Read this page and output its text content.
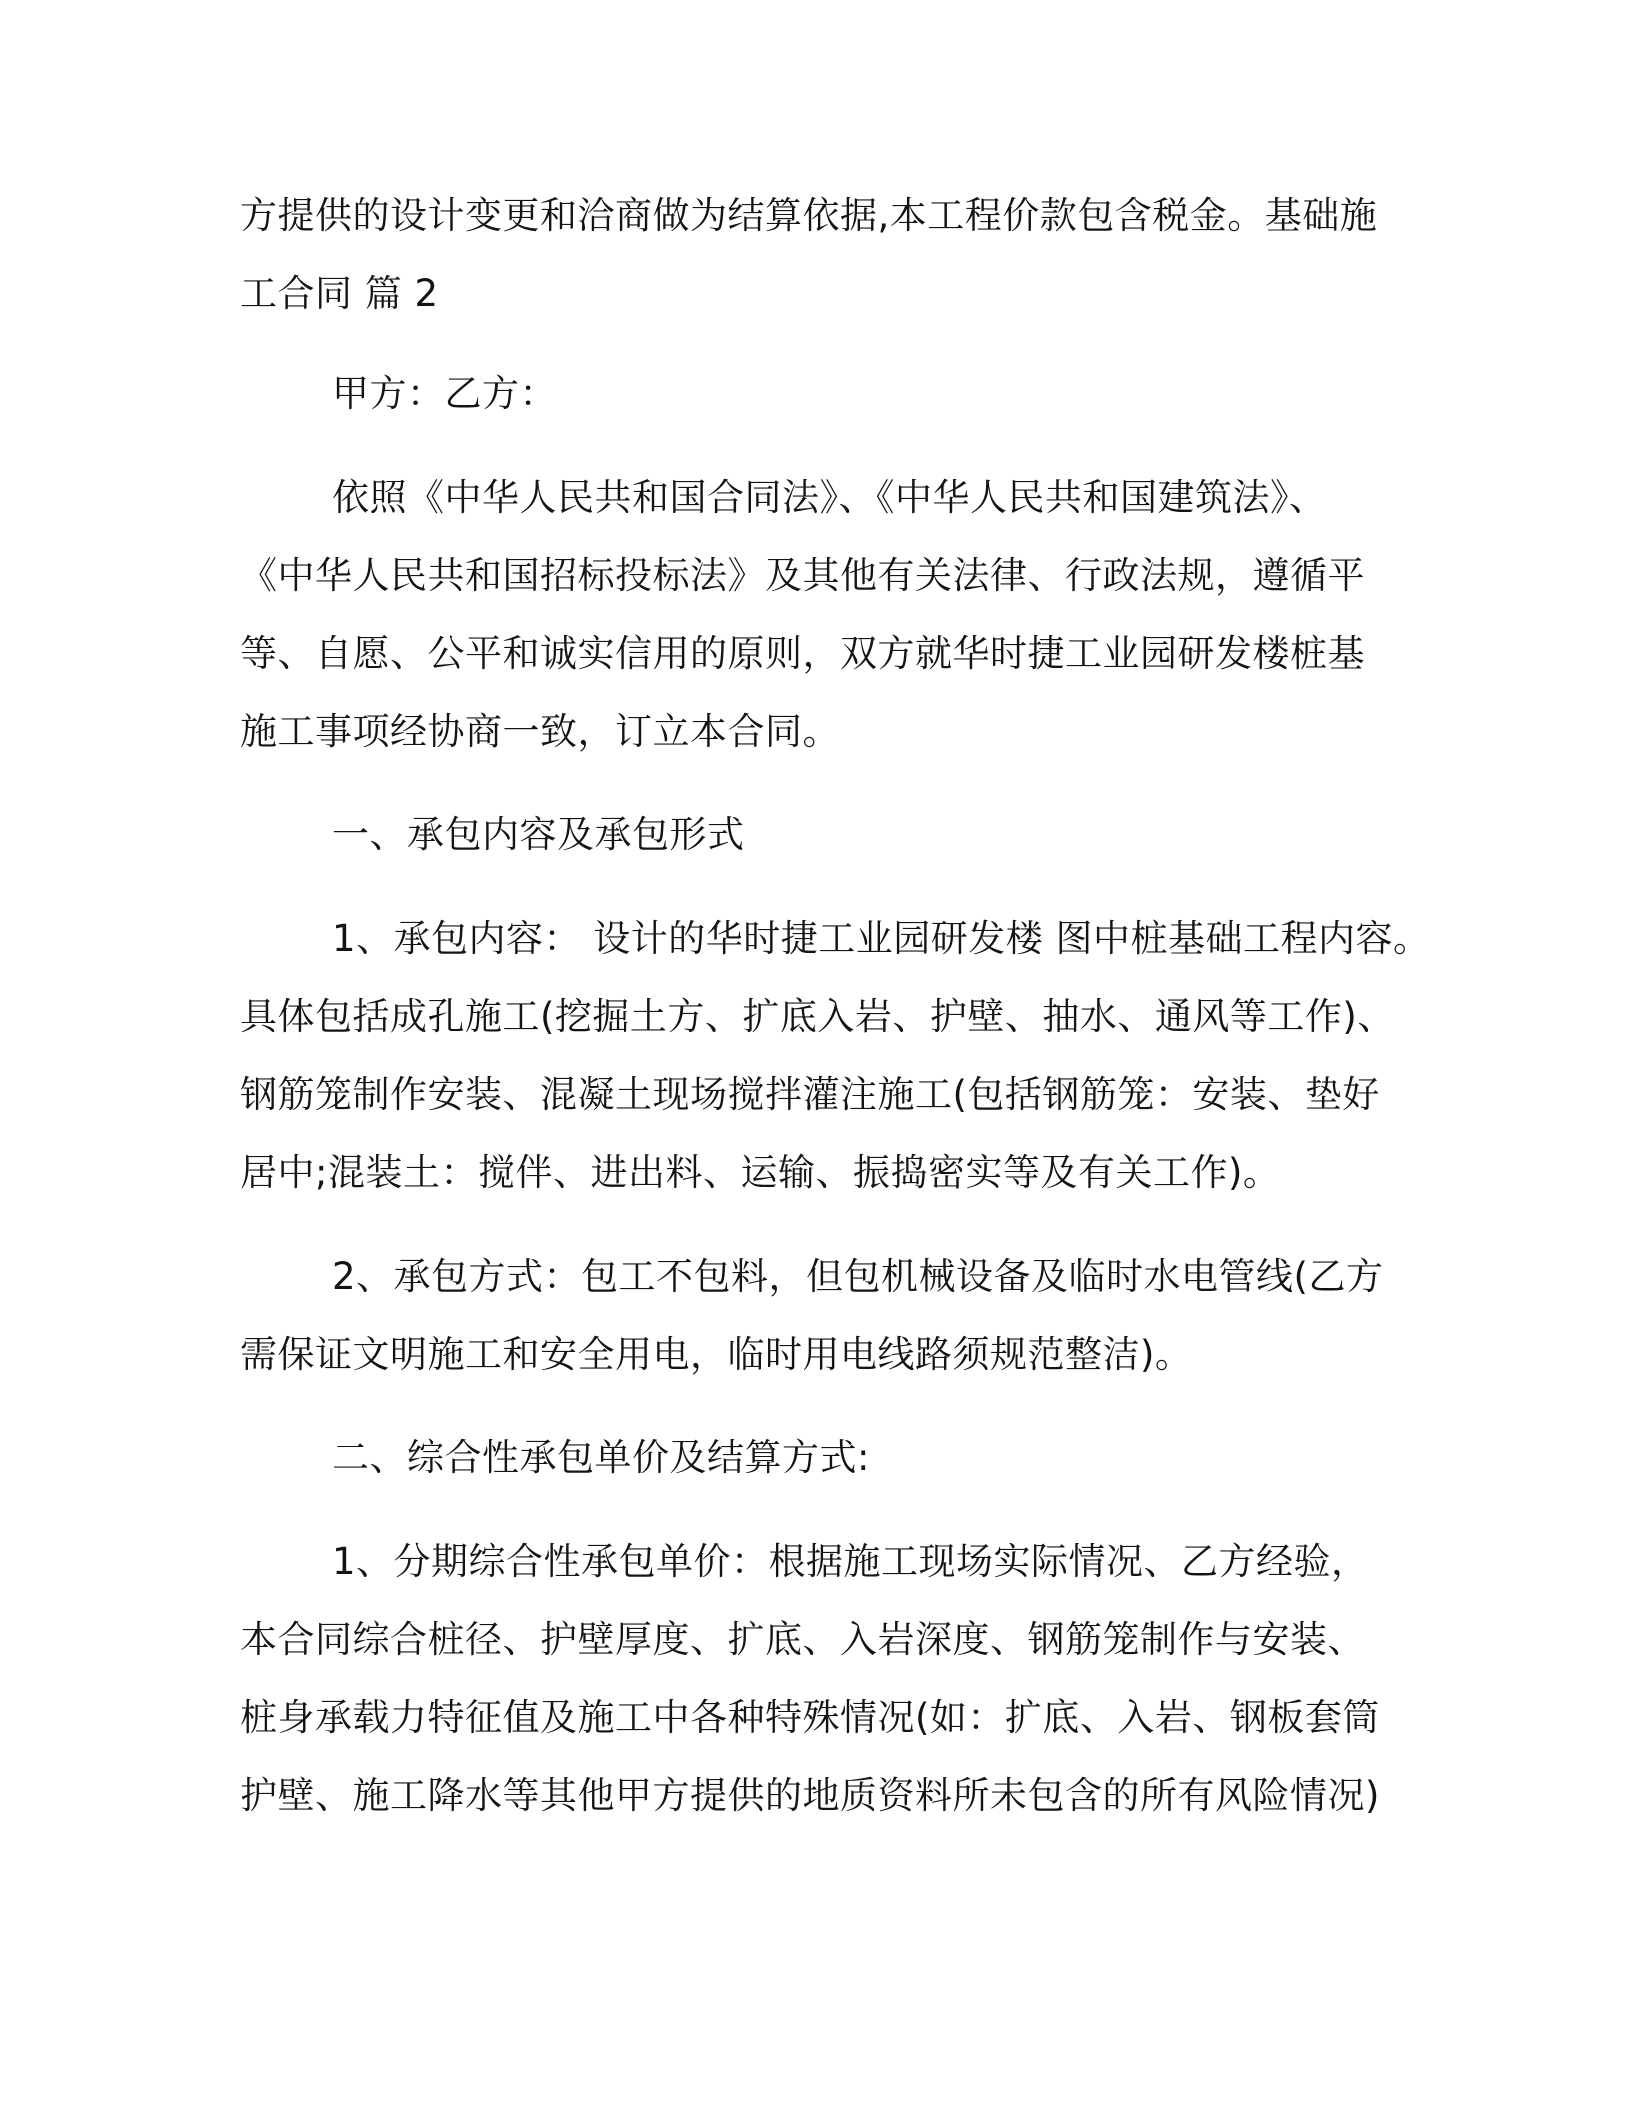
方提供的设计变更和洽商做为结算依据,本工程价款包含税金。基础施
工合同 篇 2
甲方：乙方：
依照《中华人民共和国合同法》、《中华人民共和国建筑法》、
《中华人民共和国招标投标法》及其他有关法律、行政法规，遵循平
等、自愿、公平和诚实信用的原则，双方就华时捷工业园研发楼桩基
施工事项经协商一致，订立本合同。
一、承包内容及承包形式
1、承包内容： 设计的华时捷工业园研发楼 图中桩基础工程内容。
具体包括成孔施工(挖掘土方、扩底入岩、护壁、抽水、通风等工作)、
钢筋笼制作安装、混凝土现场搅拌灌注施工(包括钢筋笼：安装、垫好
居中;混装土：搅伴、进出料、运输、振捣密实等及有关工作)。
2、承包方式：包工不包料，但包机械设备及临时水电管线(乙方
需保证文明施工和安全用电，临时用电线路须规范整洁)。
二、综合性承包单价及结算方式:
1、分期综合性承包单价：根据施工现场实际情况、乙方经验，
本合同综合桩径、护壁厚度、扩底、入岩深度、钢筋笼制作与安装、
桩身承载力特征值及施工中各种特殊情况(如：扩底、入岩、钢板套筒
护壁、施工降水等其他甲方提供的地质资料所未包含的所有风险情况)
